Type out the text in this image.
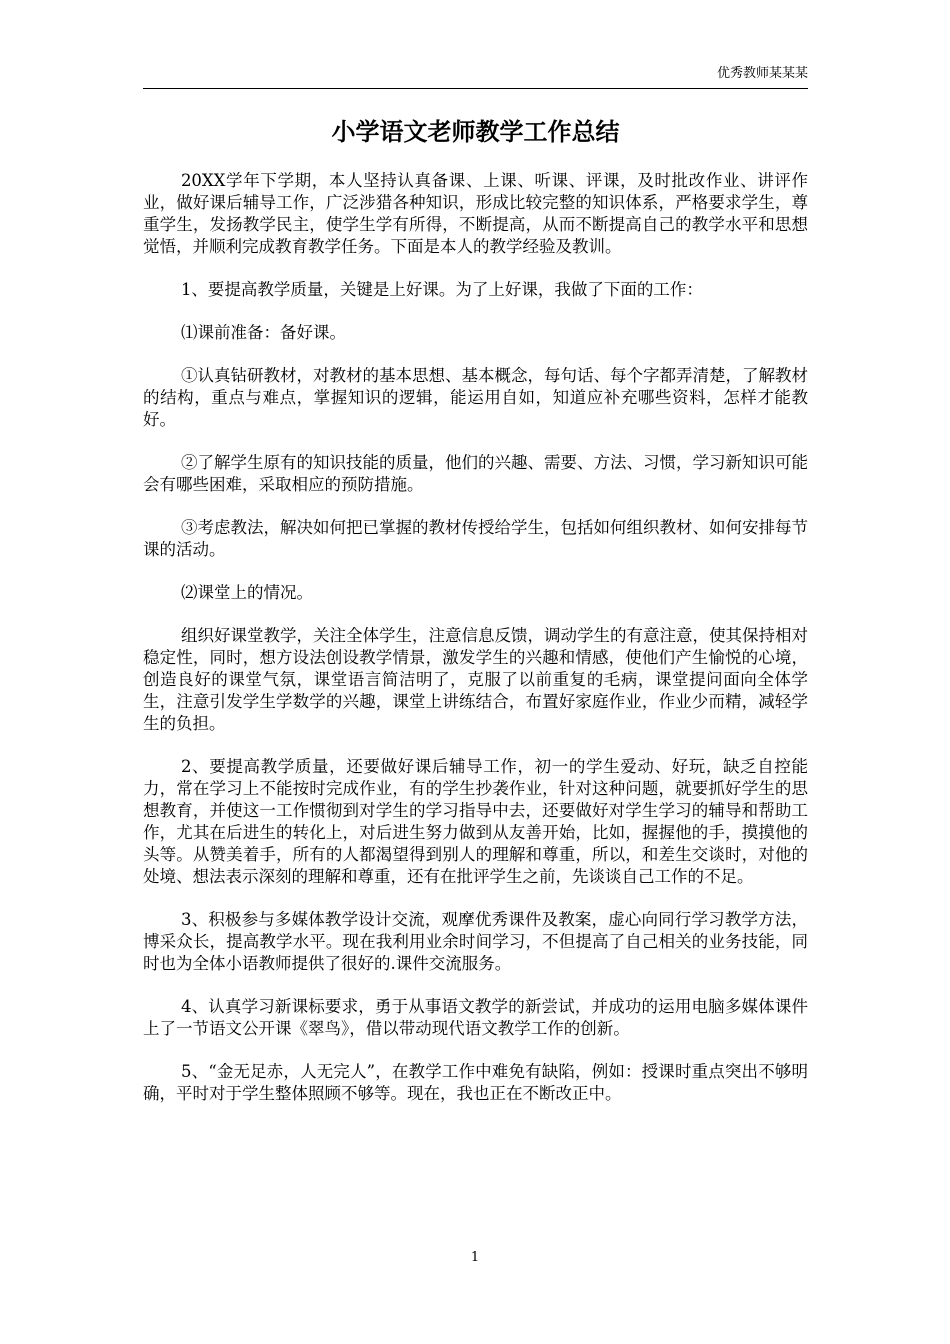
优秀教师某某某
小学语文老师教学工作总结

20XX学年下学期，本人坚持认真备课、上课、听课、评课，及时批改作业、讲评作业，做好课后辅导工作，广泛涉猎各种知识，形成比较完整的知识体系，严格要求学生，尊重学生，发扬教学民主，使学生学有所得，不断提高，从而不断提高自己的教学水平和思想觉悟，并顺利完成教育教学任务。下面是本人的教学经验及教训。

1、要提高教学质量，关键是上好课。为了上好课，我做了下面的工作：

⑴课前准备：备好课。

①认真钻研教材，对教材的基本思想、基本概念，每句话、每个字都弄清楚，了解教材的结构，重点与难点，掌握知识的逻辑，能运用自如，知道应补充哪些资料，怎样才能教好。

②了解学生原有的知识技能的质量，他们的兴趣、需要、方法、习惯，学习新知识可能会有哪些困难，采取相应的预防措施。

③考虑教法，解决如何把已掌握的教材传授给学生，包括如何组织教材、如何安排每节课的活动。

⑵课堂上的情况。

组织好课堂教学，关注全体学生，注意信息反馈，调动学生的有意注意，使其保持相对稳定性，同时，想方设法创设教学情景，激发学生的兴趣和情感，使他们产生愉悦的心境，创造良好的课堂气氛，课堂语言简洁明了，克服了以前重复的毛病，课堂提问面向全体学生，注意引发学生学数学的兴趣，课堂上讲练结合，布置好家庭作业，作业少而精，减轻学生的负担。

2、要提高教学质量，还要做好课后辅导工作，初一的学生爱动、好玩，缺乏自控能力，常在学习上不能按时完成作业，有的学生抄袭作业，针对这种问题，就要抓好学生的思想教育，并使这一工作惯彻到对学生的学习指导中去，还要做好对学生学习的辅导和帮助工作，尤其在后进生的转化上，对后进生努力做到从友善开始，比如，握握他的手，摸摸他的头等。从赞美着手，所有的人都渴望得到别人的理解和尊重，所以，和差生交谈时，对他的处境、想法表示深刻的理解和尊重，还有在批评学生之前，先谈谈自己工作的不足。

3、积极参与多媒体教学设计交流，观摩优秀课件及教案，虚心向同行学习教学方法，博采众长，提高教学水平。现在我利用业余时间学习，不但提高了自己相关的业务技能，同时也为全体小语教师提供了很好的.课件交流服务。

4、认真学习新课标要求，勇于从事语文教学的新尝试，并成功的运用电脑多媒体课件上了一节语文公开课《翠鸟》，借以带动现代语文教学工作的创新。

5、“金无足赤，人无完人”，在教学工作中难免有缺陷，例如：授课时重点突出不够明确，平时对于学生整体照顾不够等。现在，我也正在不断改正中。

1
